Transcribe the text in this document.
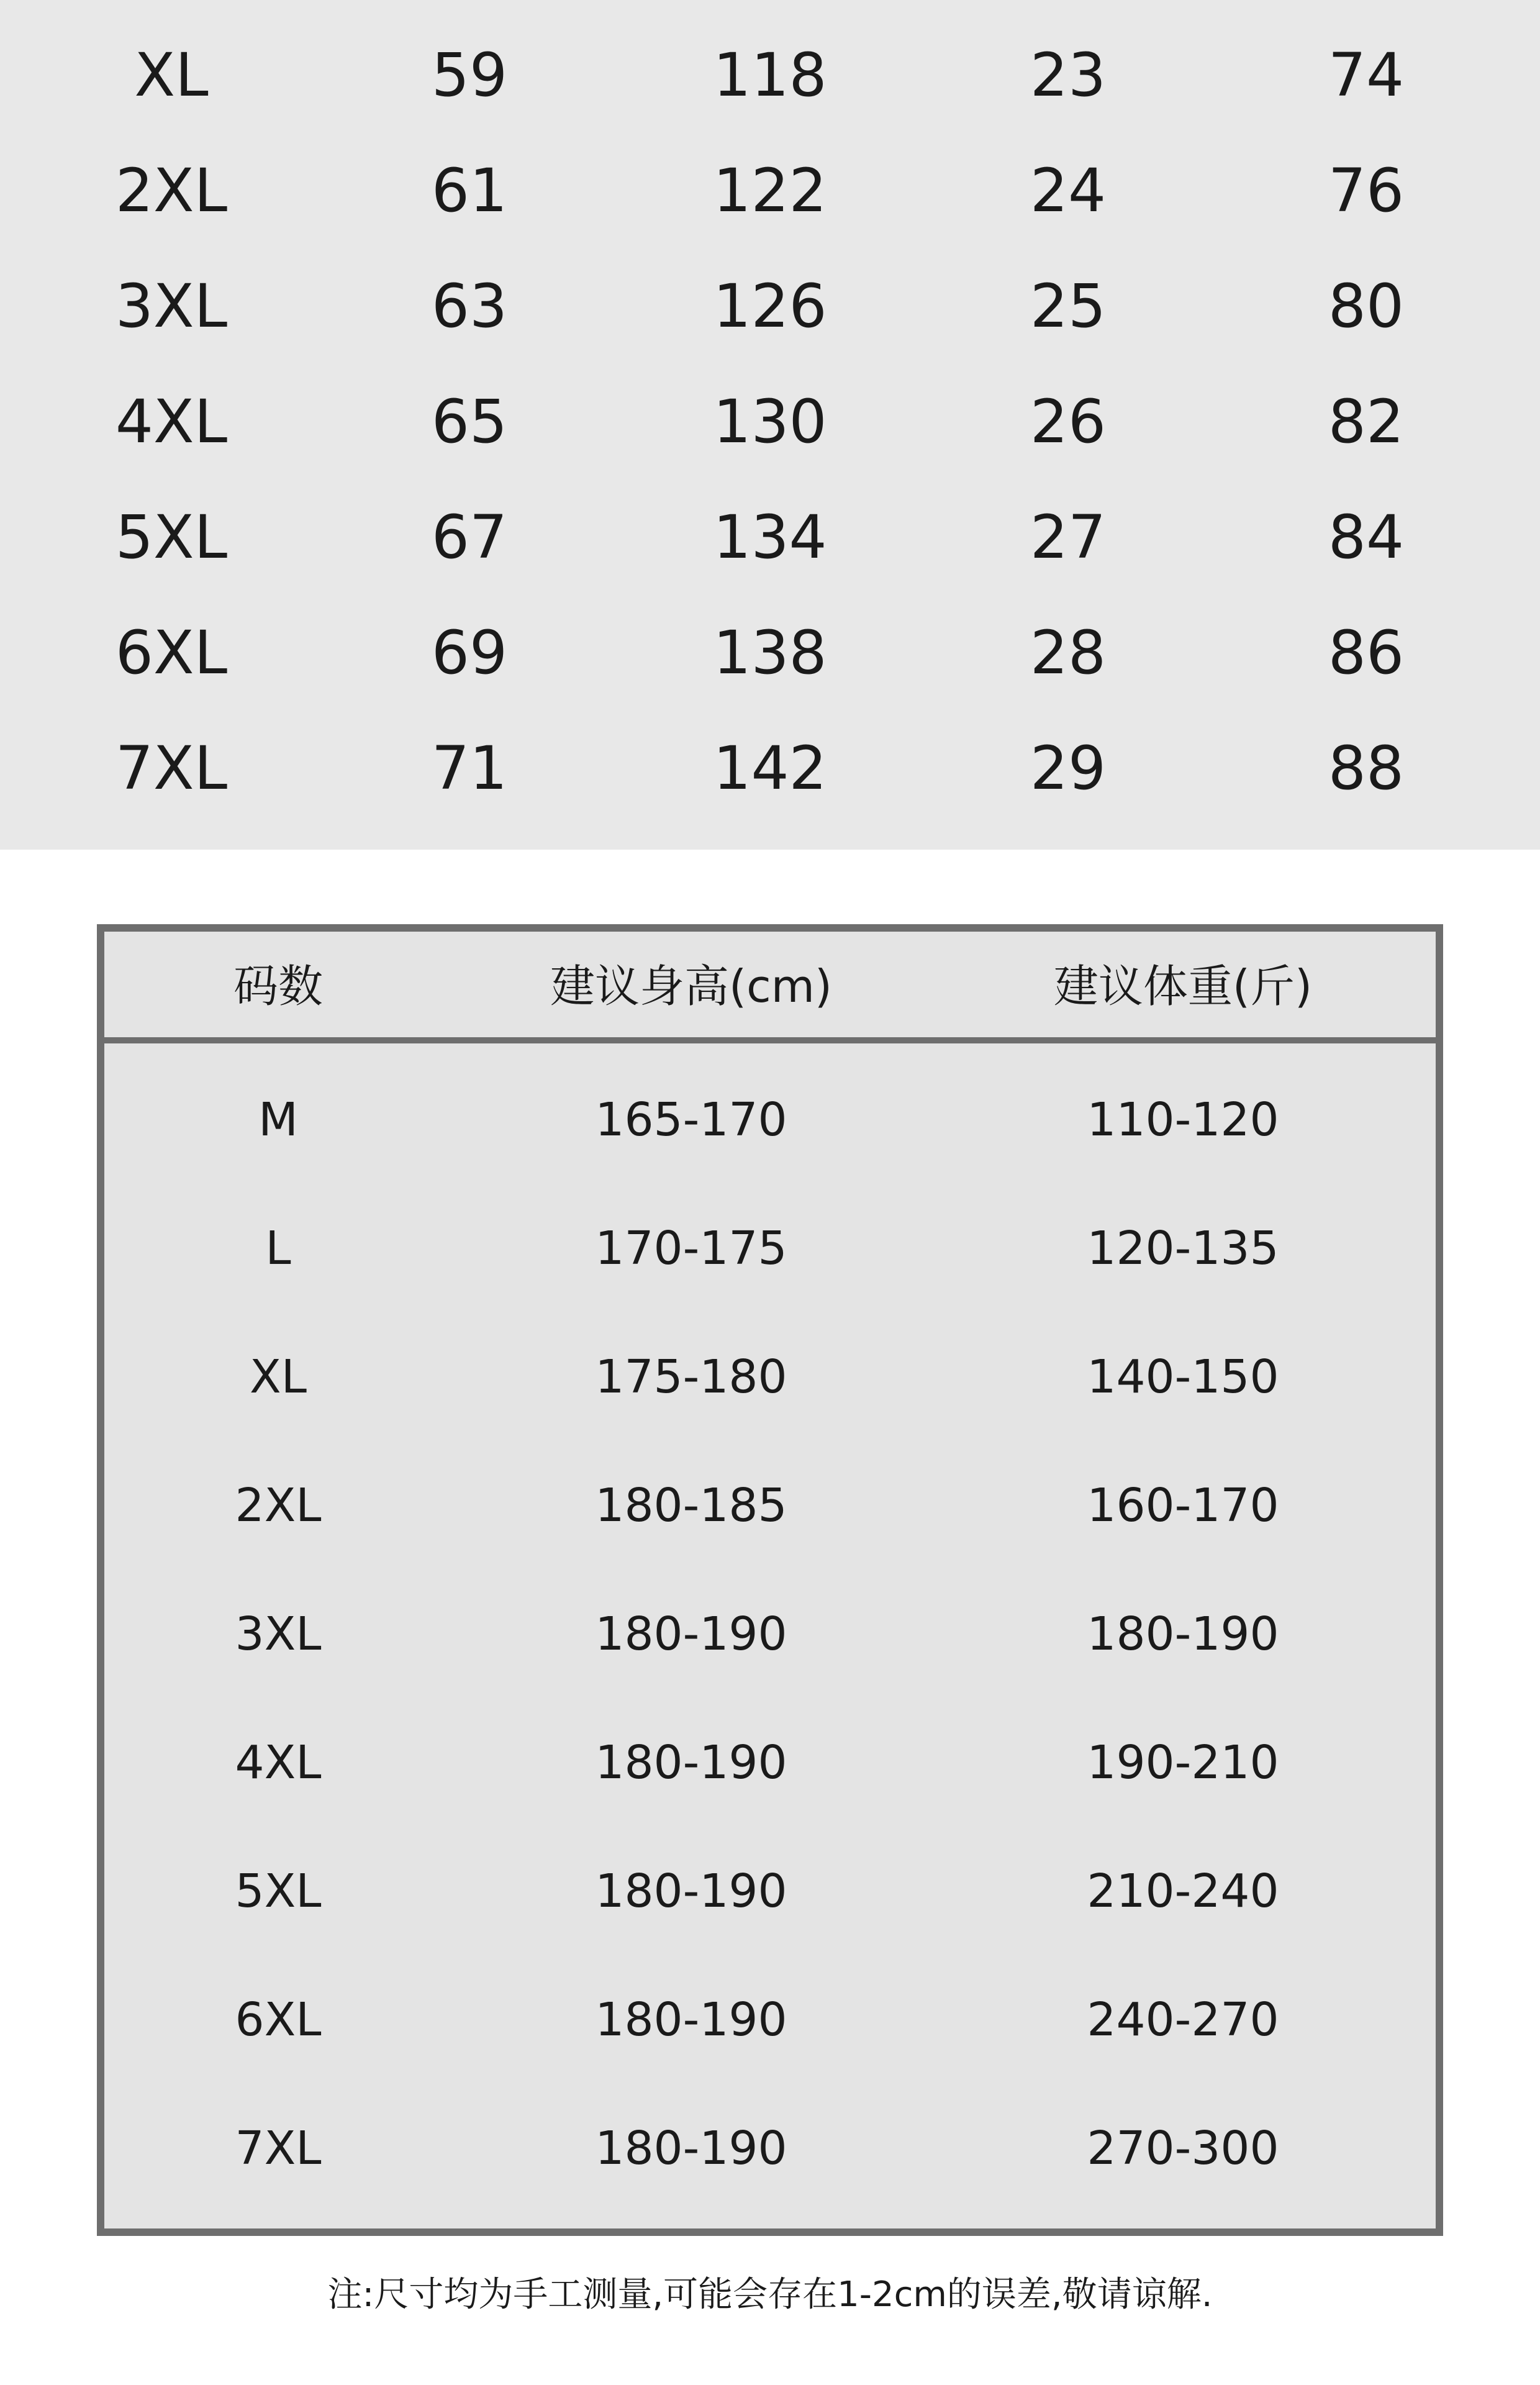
XL	59	118	23	74
2XL	61	122	24	76
3XL	63	126	25	80
4XL	65	130	26	82
5XL	67	134	27	84
6XL	69	138	28	86
7XL	71	142	29	88
码数	建议身高(cm)	建议体重(斤)
M	165-170	110-120
L	170-175	120-135
XL	175-180	140-150
2XL	180-185	160-170
3XL	180-190	180-190
4XL	180-190	190-210
5XL	180-190	210-240
6XL	180-190	240-270
7XL	180-190	270-300
注:尺寸均为手工测量,可能会存在1-2cm的误差,敬请谅解.
